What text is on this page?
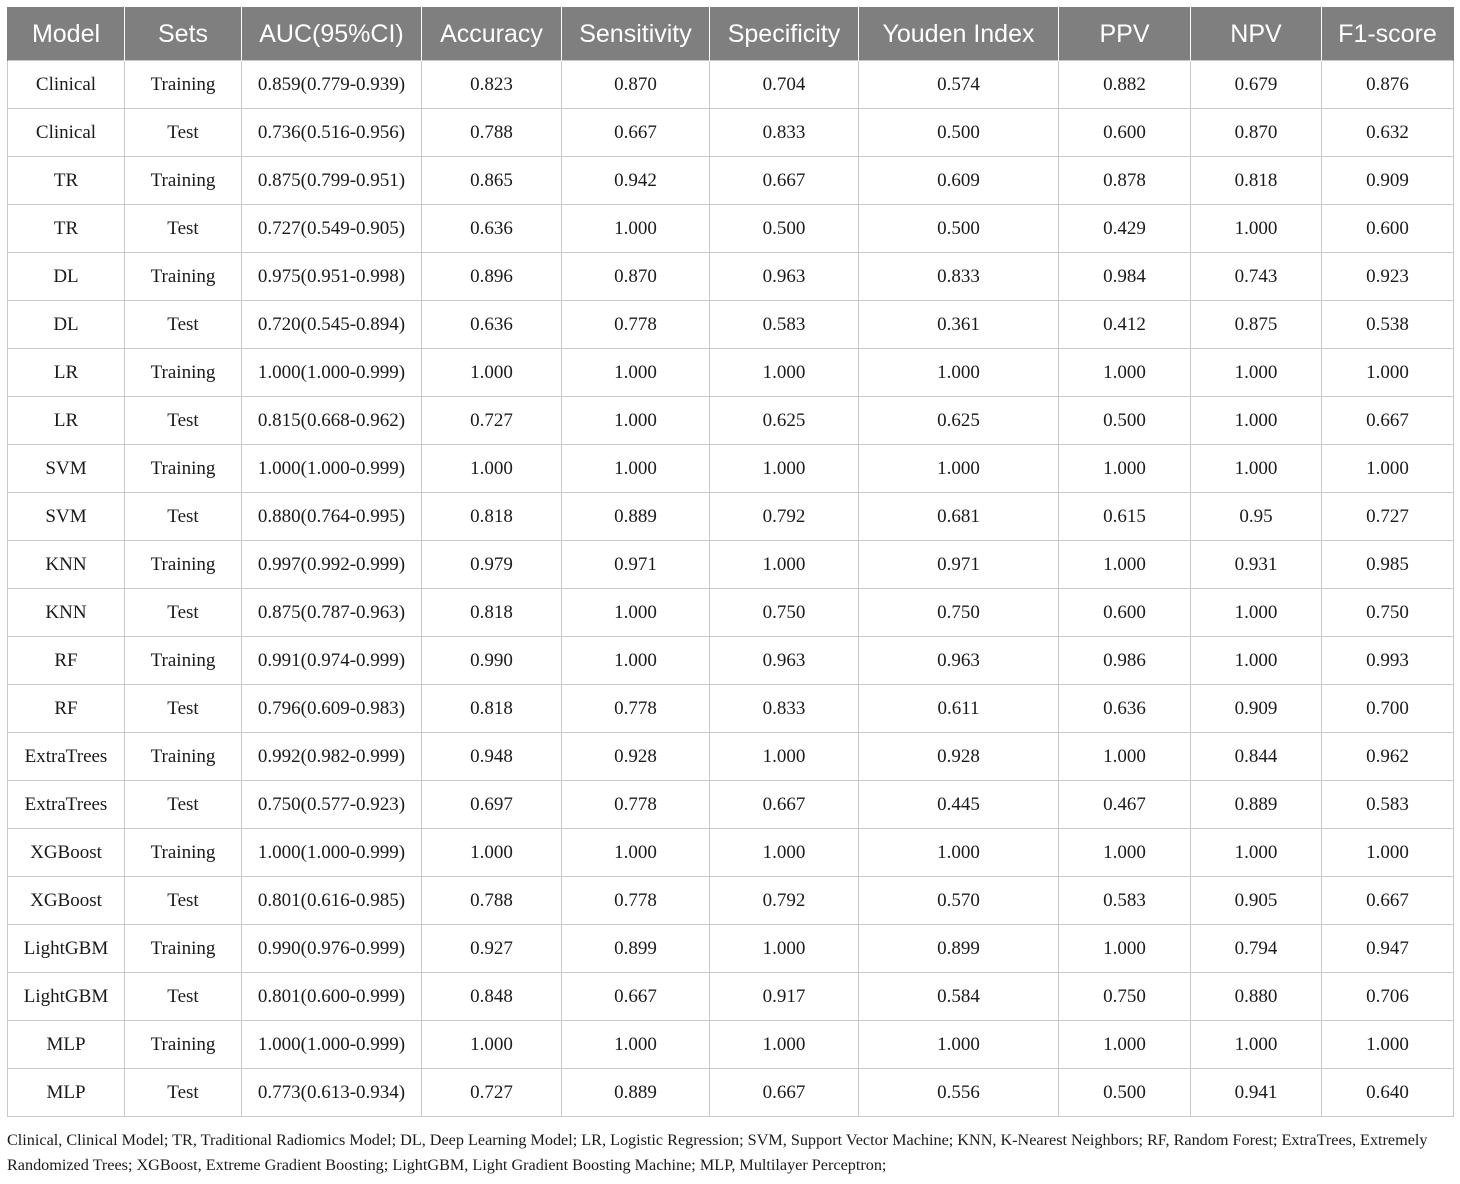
Model	Sets	AUC(95%CI)	Accuracy	Sensitivity	Specificity	Youden Index	PPV	NPV	F1-score
Clinical	Training	0.859(0.779-0.939)	0.823	0.870	0.704	0.574	0.882	0.679	0.876
Clinical	Test	0.736(0.516-0.956)	0.788	0.667	0.833	0.500	0.600	0.870	0.632
TR	Training	0.875(0.799-0.951)	0.865	0.942	0.667	0.609	0.878	0.818	0.909
TR	Test	0.727(0.549-0.905)	0.636	1.000	0.500	0.500	0.429	1.000	0.600
DL	Training	0.975(0.951-0.998)	0.896	0.870	0.963	0.833	0.984	0.743	0.923
DL	Test	0.720(0.545-0.894)	0.636	0.778	0.583	0.361	0.412	0.875	0.538
LR	Training	1.000(1.000-0.999)	1.000	1.000	1.000	1.000	1.000	1.000	1.000
LR	Test	0.815(0.668-0.962)	0.727	1.000	0.625	0.625	0.500	1.000	0.667
SVM	Training	1.000(1.000-0.999)	1.000	1.000	1.000	1.000	1.000	1.000	1.000
SVM	Test	0.880(0.764-0.995)	0.818	0.889	0.792	0.681	0.615	0.95	0.727
KNN	Training	0.997(0.992-0.999)	0.979	0.971	1.000	0.971	1.000	0.931	0.985
KNN	Test	0.875(0.787-0.963)	0.818	1.000	0.750	0.750	0.600	1.000	0.750
RF	Training	0.991(0.974-0.999)	0.990	1.000	0.963	0.963	0.986	1.000	0.993
RF	Test	0.796(0.609-0.983)	0.818	0.778	0.833	0.611	0.636	0.909	0.700
ExtraTrees	Training	0.992(0.982-0.999)	0.948	0.928	1.000	0.928	1.000	0.844	0.962
ExtraTrees	Test	0.750(0.577-0.923)	0.697	0.778	0.667	0.445	0.467	0.889	0.583
XGBoost	Training	1.000(1.000-0.999)	1.000	1.000	1.000	1.000	1.000	1.000	1.000
XGBoost	Test	0.801(0.616-0.985)	0.788	0.778	0.792	0.570	0.583	0.905	0.667
LightGBM	Training	0.990(0.976-0.999)	0.927	0.899	1.000	0.899	1.000	0.794	0.947
LightGBM	Test	0.801(0.600-0.999)	0.848	0.667	0.917	0.584	0.750	0.880	0.706
MLP	Training	1.000(1.000-0.999)	1.000	1.000	1.000	1.000	1.000	1.000	1.000
MLP	Test	0.773(0.613-0.934)	0.727	0.889	0.667	0.556	0.500	0.941	0.640
Clinical, Clinical Model; TR, Traditional Radiomics Model; DL, Deep Learning Model; LR, Logistic Regression; SVM, Support Vector Machine; KNN, K-Nearest Neighbors; RF, Random Forest; ExtraTrees, Extremely Randomized Trees; XGBoost, Extreme Gradient Boosting; LightGBM, Light Gradient Boosting Machine; MLP, Multilayer Perceptron;
